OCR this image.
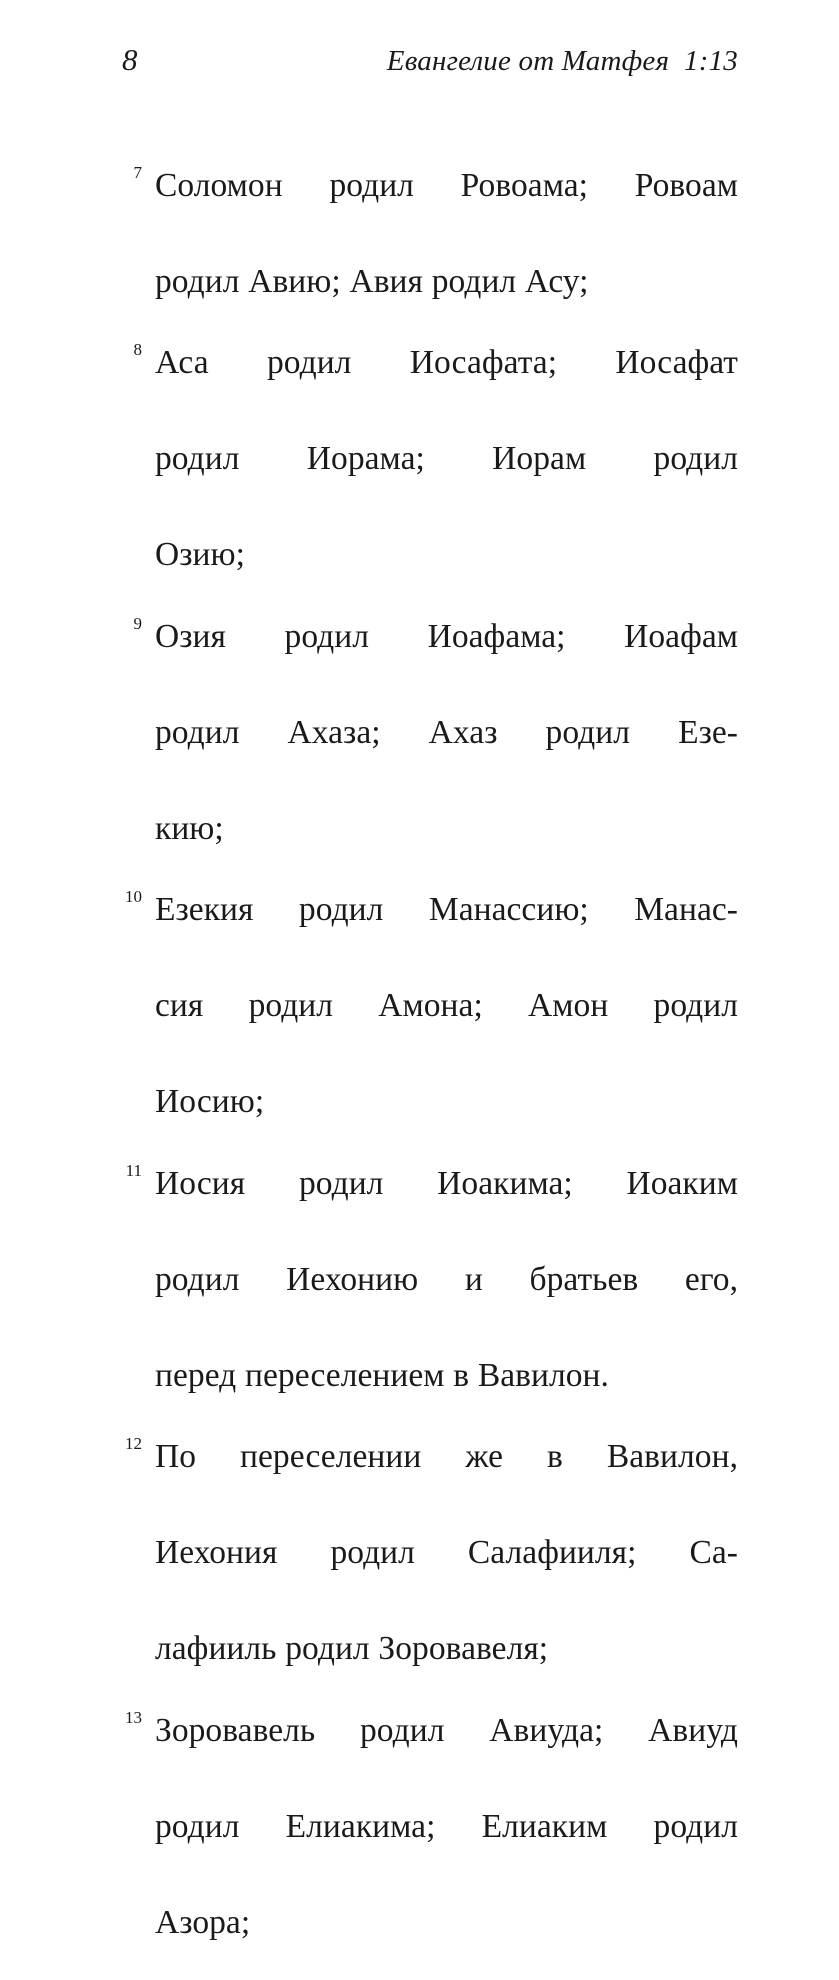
8	Евангелие от Матфея  1:13

7 Соломон родил Ровоама; Ровоам
родил Авию; Авия родил Асу;

8 Аса родил Иосафата; Иосафат
родил Иорама; Иорам родил
Озию;

9 Озия родил Иоафама; Иоафам
родил Ахаза; Ахаз родил Езе-
кию;

10 Езекия родил Манассию; Манас-
сия родил Амона; Амон родил
Иосию;

11 Иосия родил Иоакима; Иоаким
родил Иехонию и братьев его,
перед переселением в Вавилон.

12 По переселении же в Вавилон,
Иехония родил Салафииля; Са-
лафииль родил Зоровавеля;

13 Зоровавель родил Авиуда; Авиуд
родил Елиакима; Елиаким родил
Азора;
